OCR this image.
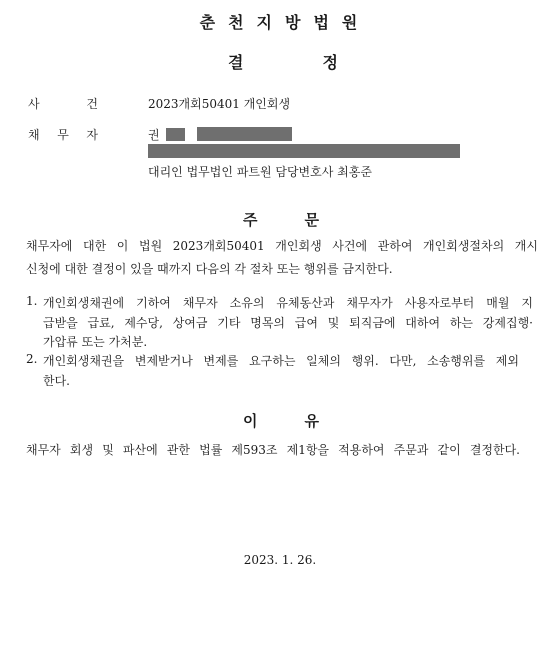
춘천지방법원
결	정
사	건	2023개회50401 개인회생
채 무 자	권
대리인 법무법인 파트원 담당변호사 최홍준
주	문
채무자에 대한 이 법원 2023개회50401 개인회생 사건에 관하여 개인회생절차의 개시
신청에 대한 결정이 있을 때까지 다음의 각 절차 또는 행위를 금지한다.
1. 개인회생채권에 기하여 채무자 소유의 유체동산과 채무자가 사용자로부터 매월 지
급받을 급료, 제수당, 상여금 기타 명목의 급여 및 퇴직금에 대하여 하는 강제집행·
가압류 또는 가처분.
2. 개인회생채권을 변제받거나 변제를 요구하는 일체의 행위. 다만, 소송행위를 제외
한다.
이	유
채무자 회생 및 파산에 관한 법률 제593조 제1항을 적용하여 주문과 같이 결정한다.
2023. 1. 26.
